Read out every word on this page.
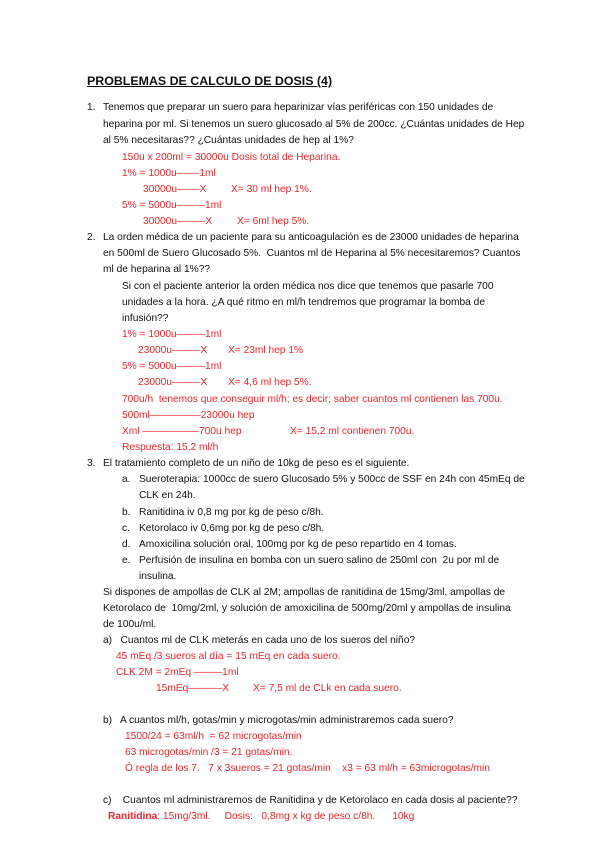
PROBLEMAS DE CALCULO DE DOSIS (4)
1. Tenemos que preparar un suero para heparinizar vías periféricas con 150 unidades de
heparina por ml. Si tenemos un suero glucosado al 5% de 200cc. ¿Cuántas unidades de Hep
al 5% necesitaras?? ¿Cuántas unidades de hep al 1%?
150u x 200ml = 30000u Dosis total de Heparina.
1% = 1000u––––1ml
30000u––––X X= 30 ml hep 1%.
5% = 5000u–––––1ml
30000u–––––X X= 6ml hep 5%.
2. La orden médica de un paciente para su anticoagulación es de 23000 unidades de heparina
en 500ml de Suero Glucosado 5%.  Cuantos ml de Heparina al 5% necesitaremos? Cuantos
ml de heparina al 1%??
Si con el paciente anterior la orden médica nos dice que tenemos que pasarle 700
unidades a la hora. ¿A qué ritmo en ml/h tendremos que programar la bomba de
infusión??
1% = 1000u–––––1ml
23000u–––––X X= 23ml hep 1%
5% = 5000u–––––1ml
23000u–––––X X= 4,6 ml hep 5%.
700u/h  tenemos que conseguir ml/h; es decir; saber cuantos ml contienen las 700u.
500ml–––––––––23000u hep
Xml ––––––––––700u hep	X= 15,2 ml contienen 700u.
Respuesta: 15,2 ml/h
3. El tratamiento completo de un niño de 10kg de peso es el siguiente.
a. Sueroterapia: 1000cc de suero Glucosado 5% y 500cc de SSF en 24h con 45mEq de
CLK en 24h.
b. Ranitidina iv 0,8 mg por kg de peso c/8h.
c. Ketorolaco iv 0,6mg por kg de peso c/8h.
d. Amoxicilina solución oral, 100mg por kg de peso repartido en 4 tomas.
e. Perfusión de insulina en bomba con un suero salino de 250ml con  2u por ml de
insulina.
Si dispones de ampollas de CLK al 2M; ampollas de ranitidina de 15mg/3ml, ampollas de
Ketorolaco de  10mg/2ml, y solución de amoxicilina de 500mg/20ml y ampollas de insulina
de 100u/ml.
a)   Cuantos ml de CLK meterás en cada uno de los sueros del niño?
45 mEq /3 sueros al día = 15 mEq en cada suero.
CLK 2M = 2mEq –––––1ml
15mEq––––––X X= 7,5 ml de CLk en cada suero.
b)   A cuantos ml/h, gotas/min y microgotas/min administraremos cada suero?
1500/24 = 63ml/h  = 62 microgotas/min
63 microgotas/min /3 = 21 gotas/min.
Ó regla de los 7.   7 x 3sueros = 21 gotas/min    x3 = 63 ml/h = 63microgotas/min
c)    Cuantos ml administraremos de Ranitidina y de Ketorolaco en cada dosis al paciente??
Ranitidina: 15mg/3ml.     Dosis:   0,8mg x kg de peso c/8h.      10kg
